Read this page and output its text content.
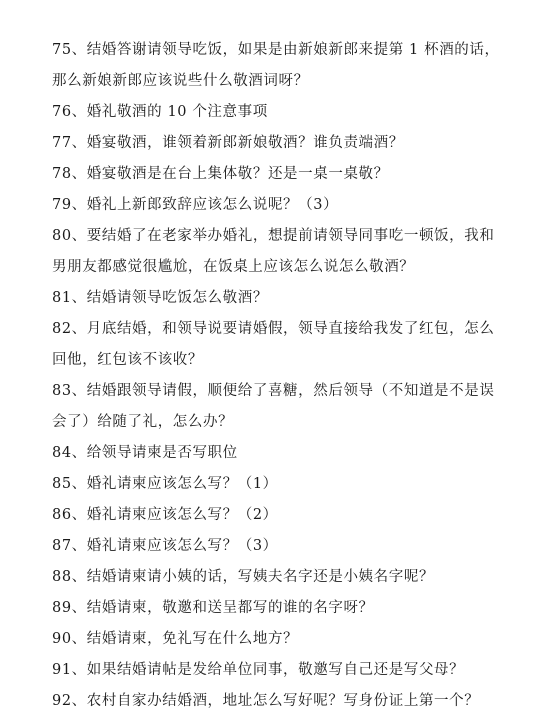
75、结婚答谢请领导吃饭，如果是由新娘新郎来提第 1 杯酒的话，那么新娘新郎应该说些什么敬酒词呀？
76、婚礼敬酒的 10 个注意事项
77、婚宴敬酒，谁领着新郎新娘敬酒？谁负责端酒？
78、婚宴敬酒是在台上集体敬？还是一桌一桌敬？
79、婚礼上新郎致辞应该怎么说呢？（3）
80、要结婚了在老家举办婚礼，想提前请领导同事吃一顿饭，我和男朋友都感觉很尴尬，在饭桌上应该怎么说怎么敬酒？
81、结婚请领导吃饭怎么敬酒？
82、月底结婚，和领导说要请婚假，领导直接给我发了红包，怎么回他，红包该不该收？
83、结婚跟领导请假，顺便给了喜糖，然后领导（不知道是不是误会了）给随了礼，怎么办？
84、给领导请柬是否写职位
85、婚礼请柬应该怎么写？（1）
86、婚礼请柬应该怎么写？（2）
87、婚礼请柬应该怎么写？（3）
88、结婚请柬请小姨的话，写姨夫名字还是小姨名字呢？
89、结婚请柬，敬邀和送呈都写的谁的名字呀？
90、结婚请柬，免礼写在什么地方？
91、如果结婚请帖是发给单位同事，敬邀写自己还是写父母？
92、农村自家办结婚酒，地址怎么写好呢？写身份证上第一个？
